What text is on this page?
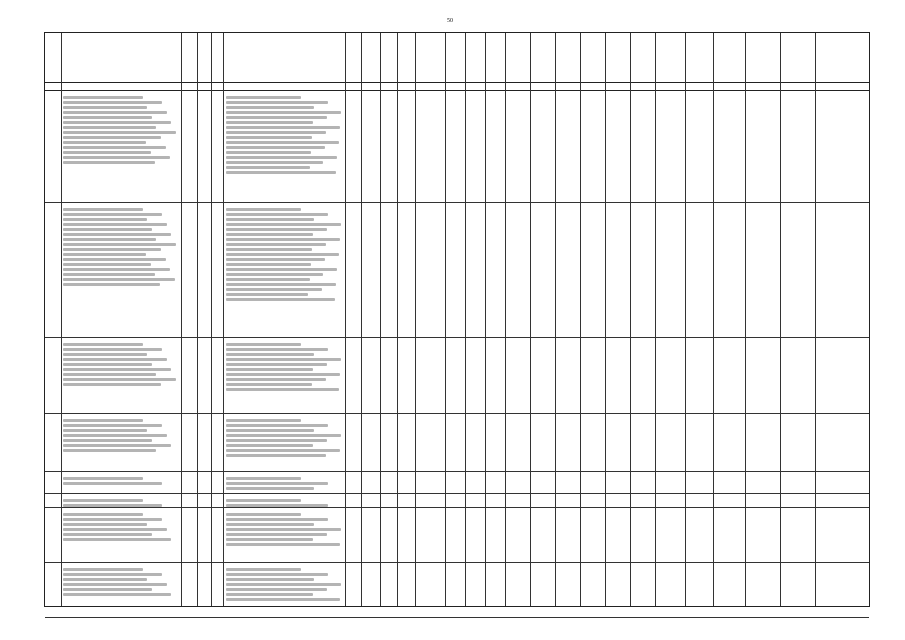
50
